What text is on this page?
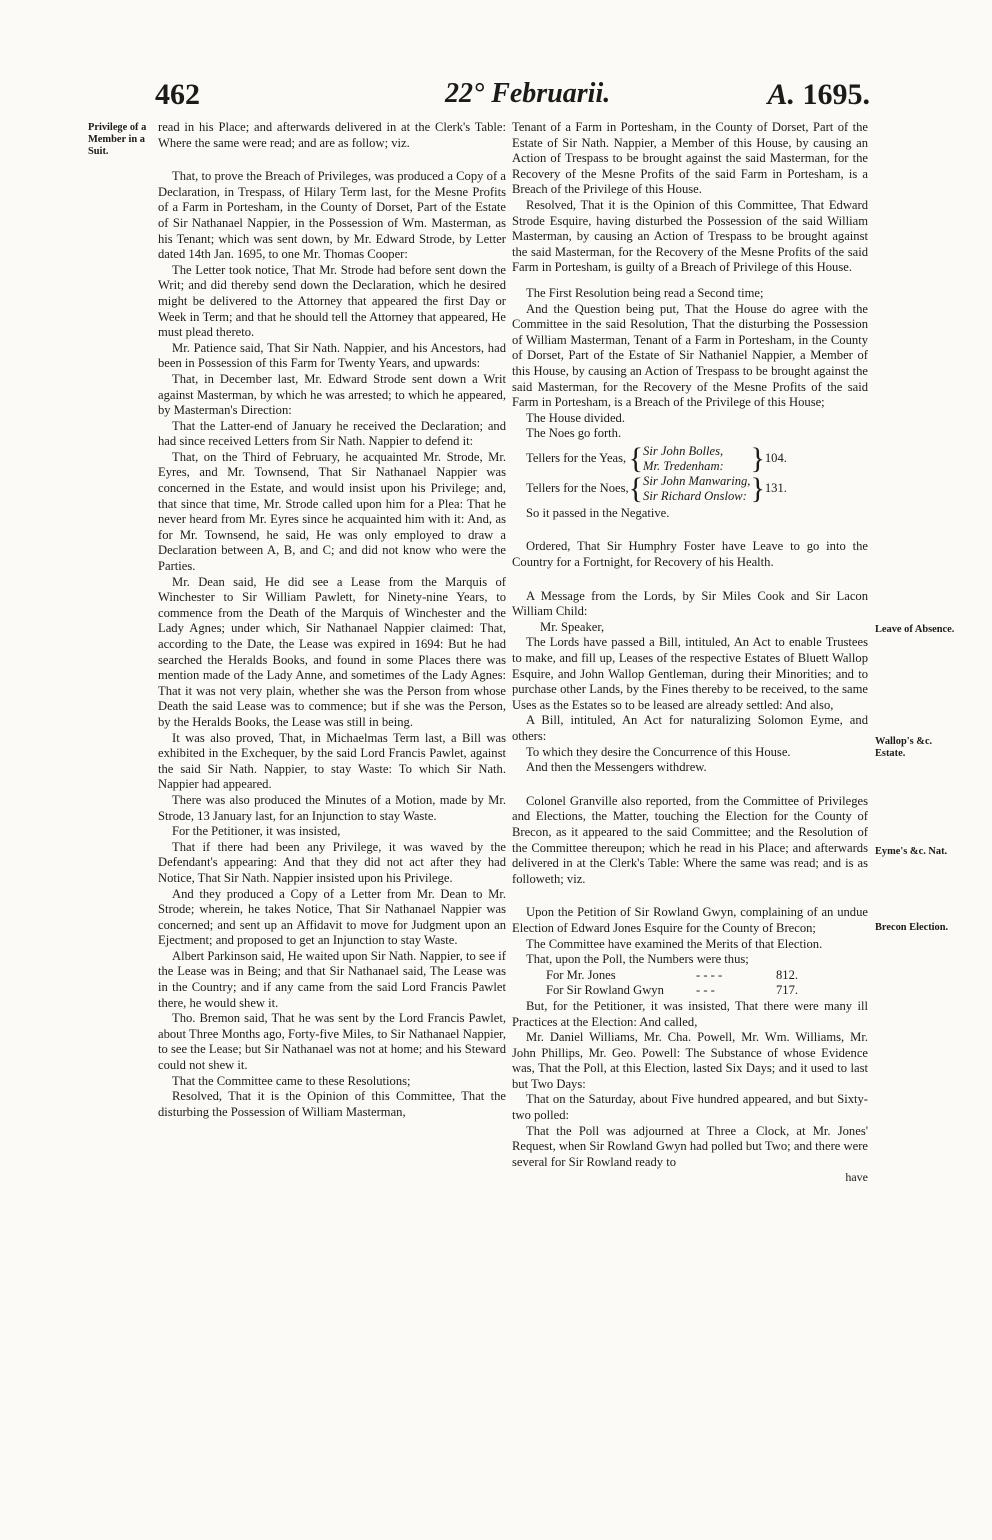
462	22° Februarii.	A. 1695.
Privilege of a Member in a Suit.
Leave of Absence.
Wallop's &c. Estate.
Eyme's &c. Nat.
Brecon Election.

read in his Place; and afterwards delivered in at the Clerk's Table: Where the same were read; and are as follow; viz.

That, to prove the Breach of Privileges, was produced a Copy of a Declaration, in Trespass, of Hilary Term last, for the Mesne Profits of a Farm in Portesham, in the County of Dorset, Part of the Estate of Sir Nathanael Nappier, in the Possession of Wm. Masterman, as his Tenant; which was sent down, by Mr. Edward Strode, by Letter dated 14th Jan. 1695, to one Mr. Thomas Cooper:

The Letter took notice, That Mr. Strode had before sent down the Writ; and did thereby send down the Declaration, which he desired might be delivered to the Attorney that appeared the first Day or Week in Term; and that he should tell the Attorney that appeared, He must plead thereto.

Mr. Patience said, That Sir Nath. Nappier, and his Ancestors, had been in Possession of this Farm for Twenty Years, and upwards:

That, in December last, Mr. Edward Strode sent down a Writ against Masterman, by which he was arrested; to which he appeared, by Masterman's Direction:

That the Latter-end of January he received the Declaration; and had since received Letters from Sir Nath. Nappier to defend it:

That, on the Third of February, he acquainted Mr. Strode, Mr. Eyres, and Mr. Townsend, That Sir Nathanael Nappier was concerned in the Estate, and would insist upon his Privilege; and, that since that time, Mr. Strode called upon him for a Plea: That he never heard from Mr. Eyres since he acquainted him with it: And, as for Mr. Townsend, he said, He was only employed to draw a Declaration between A, B, and C; and did not know who were the Parties.

Mr. Dean said, He did see a Lease from the Marquis of Winchester to Sir William Pawlett, for Ninety-nine Years, to commence from the Death of the Marquis of Winchester and the Lady Agnes; under which, Sir Nathanael Nappier claimed: That, according to the Date, the Lease was expired in 1694: But he had searched the Heralds Books, and found in some Places there was mention made of the Lady Anne, and sometimes of the Lady Agnes: That it was not very plain, whether she was the Person from whose Death the said Lease was to commence; but if she was the Person, by the Heralds Books, the Lease was still in being.

It was also proved, That, in Michaelmas Term last, a Bill was exhibited in the Exchequer, by the said Lord Francis Pawlet, against the said Sir Nath. Nappier, to stay Waste: To which Sir Nath. Nappier had appeared.

There was also produced the Minutes of a Motion, made by Mr. Strode, 13 January last, for an Injunction to stay Waste.

For the Petitioner, it was insisted,

That if there had been any Privilege, it was waved by the Defendant's appearing: And that they did not act after they had Notice, That Sir Nath. Nappier insisted upon his Privilege.

And they produced a Copy of a Letter from Mr. Dean to Mr. Strode; wherein, he takes Notice, That Sir Nathanael Nappier was concerned; and sent up an Affidavit to move for Judgment upon an Ejectment; and proposed to get an Injunction to stay Waste.

Albert Parkinson said, He waited upon Sir Nath. Nappier, to see if the Lease was in Being; and that Sir Nathanael said, The Lease was in the Country; and if any came from the said Lord Francis Pawlet there, he would shew it.

Tho. Bremon said, That he was sent by the Lord Francis Pawlet, about Three Months ago, Forty-five Miles, to Sir Nathanael Nappier, to see the Lease; but Sir Nathanael was not at home; and his Steward could not shew it.

That the Committee came to these Resolutions;

Resolved, That it is the Opinion of this Committee, That the disturbing the Possession of William Masterman,

Tenant of a Farm in Portesham, in the County of Dorset, Part of the Estate of Sir Nath. Nappier, a Member of this House, by causing an Action of Trespass to be brought against the said Masterman, for the Recovery of the Mesne Profits of the said Farm in Portesham, is a Breach of the Privilege of this House.

Resolved, That it is the Opinion of this Committee, That Edward Strode Esquire, having disturbed the Possession of the said William Masterman, by causing an Action of Trespass to be brought against the said Masterman, for the Recovery of the Mesne Profits of the said Farm in Portesham, is guilty of a Breach of Privilege of this House.

The First Resolution being read a Second time;

And the Question being put, That the House do agree with the Committee in the said Resolution, That the disturbing the Possession of William Masterman, Tenant of a Farm in Portesham, in the County of Dorset, Part of the Estate of Sir Nathaniel Nappier, a Member of this House, by causing an Action of Trespass to be brought against the said Masterman, for the Recovery of the Mesne Profits of the said Farm in Portesham, is a Breach of the Privilege of this House;

The House divided.

The Noes go forth.

Tellers for the Yeas,	{	Sir John Bolles,
Mr. Tredenham:	}	104.
Tellers for the Noes,	{	Sir John Manwaring,
Sir Richard Onslow:	}	131.

So it passed in the Negative.

Ordered, That Sir Humphry Foster have Leave to go into the Country for a Fortnight, for Recovery of his Health.

A Message from the Lords, by Sir Miles Cook and Sir Lacon William Child:

Mr. Speaker,

The Lords have passed a Bill, intituled, An Act to enable Trustees to make, and fill up, Leases of the respective Estates of Bluett Wallop Esquire, and John Wallop Gentleman, during their Minorities; and to purchase other Lands, by the Fines thereby to be received, to the same Uses as the Estates so to be leased are already settled: And also,

A Bill, intituled, An Act for naturalizing Solomon Eyme, and others:

To which they desire the Concurrence of this House.

And then the Messengers withdrew.

Colonel Granville also reported, from the Committee of Privileges and Elections, the Matter, touching the Election for the County of Brecon, as it appeared to the said Committee; and the Resolution of the Committee thereupon; which he read in his Place; and afterwards delivered in at the Clerk's Table: Where the same was read; and is as followeth; viz.

Upon the Petition of Sir Rowland Gwyn, complaining of an undue Election of Edward Jones Esquire for the County of Brecon;

The Committee have examined the Merits of that Election.

That, upon the Poll, the Numbers were thus;

For Mr. Jones	- - - -	812.
For Sir Rowland Gwyn	- - -	717.

But, for the Petitioner, it was insisted, That there were many ill Practices at the Election: And called,

Mr. Daniel Williams, Mr. Cha. Powell, Mr. Wm. Williams, Mr. John Phillips, Mr. Geo. Powell: The Substance of whose Evidence was, That the Poll, at this Election, lasted Six Days; and it used to last but Two Days:

That on the Saturday, about Five hundred appeared, and but Sixty-two polled:

That the Poll was adjourned at Three a Clock, at Mr. Jones' Request, when Sir Rowland Gwyn had polled but Two; and there were several for Sir Rowland ready to

have
